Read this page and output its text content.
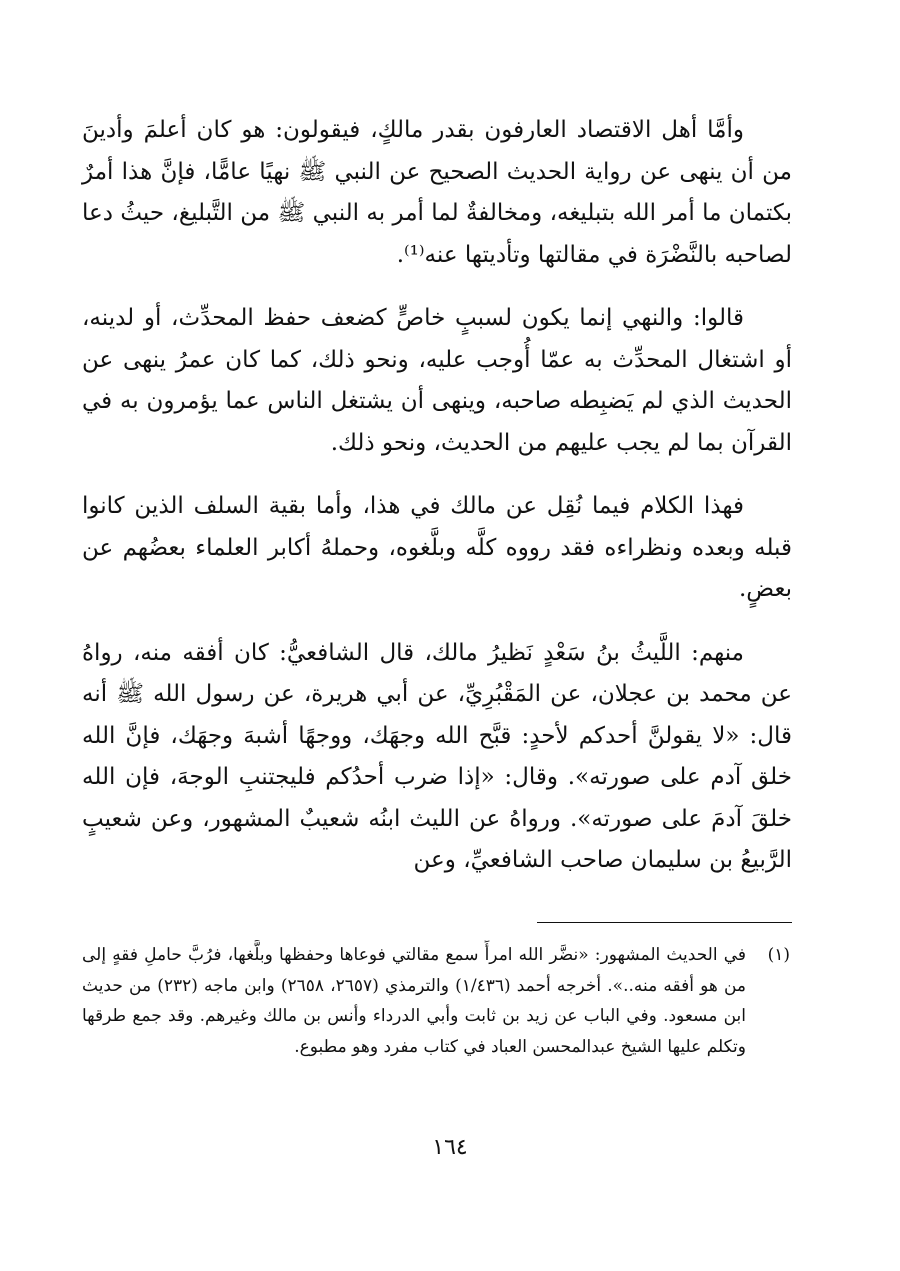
وأمَّا أهل الاقتصاد العارفون بقدر مالكٍ، فيقولون: هو كان أعلمَ وأدينَ من أن ينهى عن رواية الحديث الصحيح عن النبي ﷺ نهيًا عامًّا، فإنَّ هذا أمرٌ بكتمان ما أمر الله بتبليغه، ومخالفةٌ لما أمر به النبي ﷺ من التَّبليغ، حيثُ دعا لصاحبه بالنَّضْرَة في مقالتها وتأديتها عنه⁽¹⁾.

قالوا: والنهي إنما يكون لسببٍ خاصٍّ كضعف حفظ المحدِّث، أو لدينه، أو اشتغال المحدِّث به عمّا أُوجب عليه، ونحو ذلك، كما كان عمرُ ينهى عن الحديث الذي لم يَضبِطه صاحبه، وينهى أن يشتغل الناس عما يؤمرون به في القرآن بما لم يجب عليهم من الحديث، ونحو ذلك.

فهذا الكلام فيما نُقِل عن مالك في هذا، وأما بقية السلف الذين كانوا قبله وبعده ونظراءه فقد رووه كلَّه وبلَّغوه، وحملهُ أكابر العلماء بعضُهم عن بعضٍ.

منهم: اللَّيثُ بنُ سَعْدٍ نَظيرُ مالك، قال الشافعيُّ: كان أفقه منه، رواهُ عن محمد بن عجلان، عن المَقْبُرِيِّ، عن أبي هريرة، عن رسول الله ﷺ أنه قال: «لا يقولنَّ أحدكم لأحدٍ: قبَّح الله وجهَك، ووجهًا أشبهَ وجهَك، فإنَّ الله خلق آدم على صورته». وقال: «إذا ضرب أحدُكم فليجتنبِ الوجهَ، فإن الله خلقَ آدمَ على صورته». ورواهُ عن الليث ابنُه شعيبٌ المشهور، وعن شعيبٍ الرَّبيعُ بن سليمان صاحب الشافعيِّ، وعن

(١)
في الحديث المشهور: «نضَّر الله امرأً سمع مقالتي فوعاها وحفظها وبلَّغها، فرُبَّ حاملِ فقهٍ إلى من هو أفقه منه..». أخرجه أحمد (١/٤٣٦) والترمذي (٢٦٥٧، ٢٦٥٨) وابن ماجه (٢٣٢) من حديث ابن مسعود. وفي الباب عن زيد بن ثابت وأبي الدرداء وأنس بن مالك وغيرهم. وقد جمع طرقها وتكلم عليها الشيخ عبدالمحسن العباد في كتاب مفرد وهو مطبوع.
١٦٤
